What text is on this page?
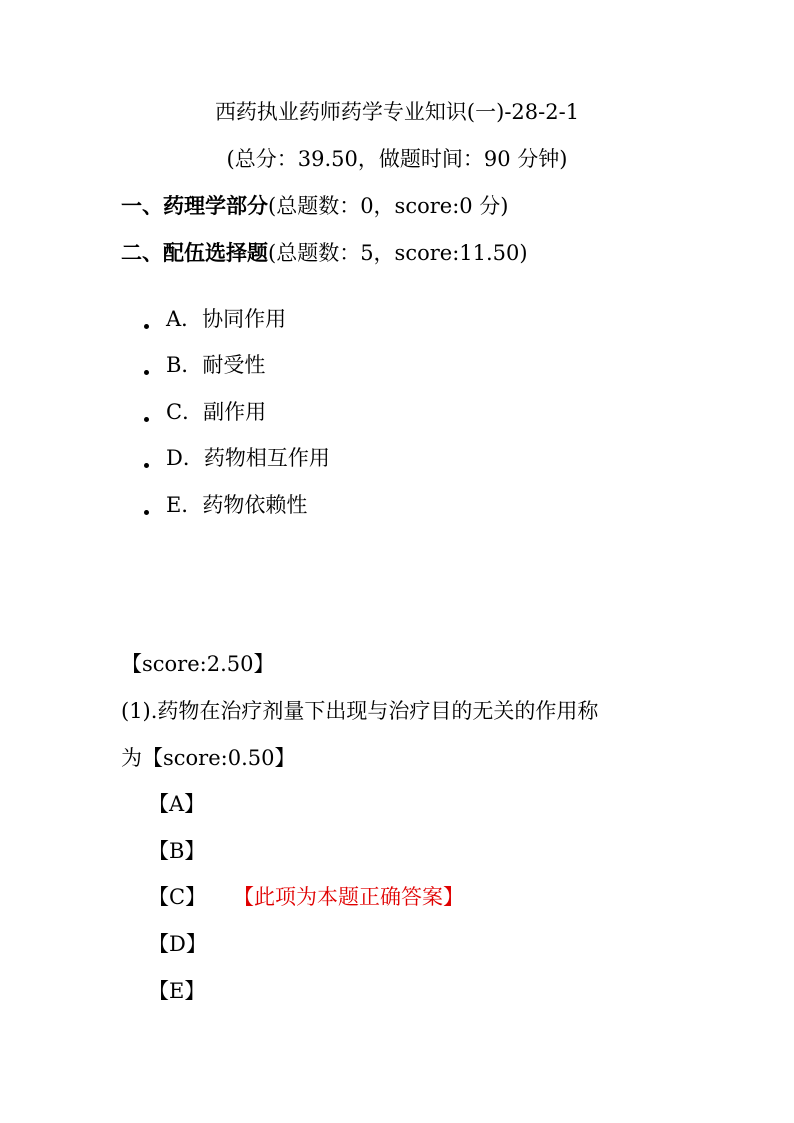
西药执业药师药学专业知识(一)-28-2-1
(总分：39.50，做题时间：90 分钟)
一、药理学部分(总题数：0，score:0 分)
二、配伍选择题(总题数：5，score:11.50)
A．协同作用
B．耐受性
C．副作用
D．药物相互作用
E．药物依赖性
【score:2.50】
(1).药物在治疗剂量下出现与治疗目的无关的作用称
为【score:0.50】
【A】
【B】
【C】 【此项为本题正确答案】
【D】
【E】
